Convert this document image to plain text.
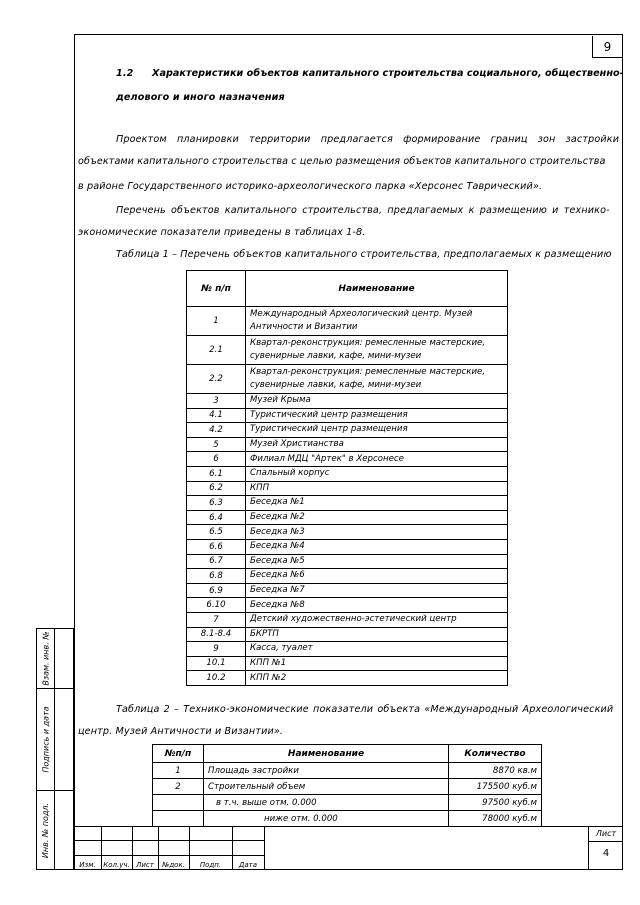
9
1.2 Характеристики объектов капитального строительства социального, общественно-
делового и иного назначения
Проектом планировки территории предлагается формирование границ зон застройки
объектами капитального строительства с целью размещения объектов капитального строительства
в районе Государственного историко-археологического парка «Херсонес Таврический».
Перечень объектов капитального строительства, предлагаемых к размещению и технико-
экономические показатели приведены в таблицах 1-8.
Таблица 1 – Перечень объектов капитального строительства, предполагаемых к размещению
№ п/п	Наименование
1	Международный Археологический центр. Музей Античности и Византии
2.1	Квартал-реконструкция: ремесленные мастерские, сувенирные лавки, кафе, мини-музеи
2.2	Квартал-реконструкция: ремесленные мастерские, сувенирные лавки, кафе, мини-музеи
3	Музей Крыма
4.1	Туристический центр размещения
4.2	Туристический центр размещения
5	Музей Христианства
6	Филиал МДЦ "Артек" в Херсонесе
6.1	Спальный корпус
6.2	КПП
6.3	Беседка №1
6.4	Беседка №2
6.5	Беседка №3
6.6	Беседка №4
6.7	Беседка №5
6.8	Беседка №6
6.9	Беседка №7
6.10	Беседка №8
7	Детский художественно-эстетический центр
8.1-8.4	БКРТП
9	Касса, туалет
10.1	КПП №1
10.2	КПП №2
Таблица 2 – Технико-экономические показатели объекта «Международный Археологический
центр. Музей Античности и Византии».
№п/п	Наименование	Количество
1	Площадь застройки	8870 кв.м
2	Строительный объем	175500 куб.м
	в т.ч. выше отм. 0.000	97500 куб.м
	ниже отм. 0.000	78000 куб.м
Взам. инв. №
Подпись и дата
Инв. № подл.
Изм.	Кол.уч. Лист	№док.	Подп.	Дата
Лист
4
